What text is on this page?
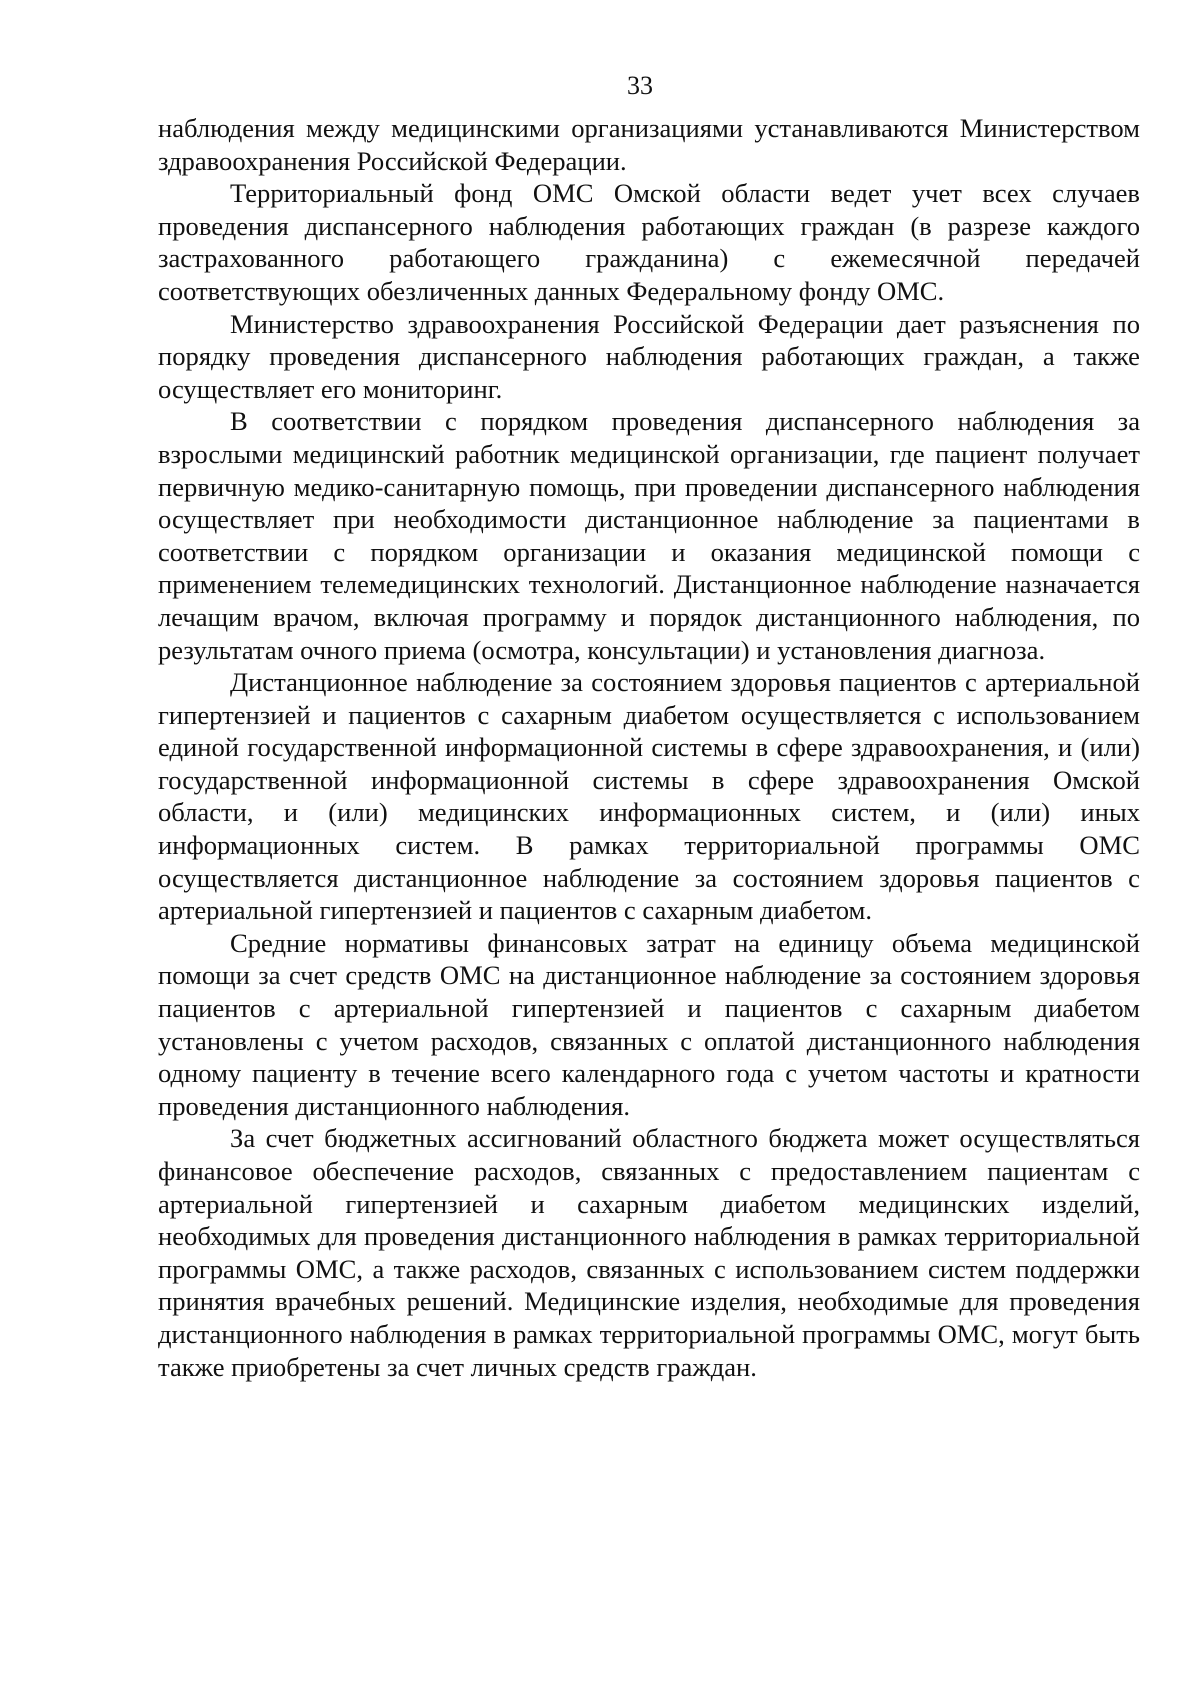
33

наблюдения между медицинскими организациями устанавливаются Министерством здравоохранения Российской Федерации.

Территориальный фонд ОМС Омской области ведет учет всех случаев проведения диспансерного наблюдения работающих граждан (в разрезе каждого застрахованного работающего гражданина) с ежемесячной передачей соответствующих обезличенных данных Федеральному фонду ОМС.

Министерство здравоохранения Российской Федерации дает разъяснения по порядку проведения диспансерного наблюдения работающих граждан, а также осуществляет его мониторинг.

В соответствии с порядком проведения диспансерного наблюдения за взрослыми медицинский работник медицинской организации, где пациент получает первичную медико-санитарную помощь, при проведении диспансерного наблюдения осуществляет при необходимости дистанционное наблюдение за пациентами в соответствии с порядком организации и оказания медицинской помощи с применением телемедицинских технологий. Дистанционное наблюдение назначается лечащим врачом, включая программу и порядок дистанционного наблюдения, по результатам очного приема (осмотра, консультации) и установления диагноза.

Дистанционное наблюдение за состоянием здоровья пациентов с артериальной гипертензией и пациентов с сахарным диабетом осуществляется с использованием единой государственной информационной системы в сфере здравоохранения, и (или) государственной информационной системы в сфере здравоохранения Омской области, и (или) медицинских информационных систем, и (или) иных информационных систем. В рамках территориальной программы ОМС осуществляется дистанционное наблюдение за состоянием здоровья пациентов с артериальной гипертензией и пациентов с сахарным диабетом.

Средние нормативы финансовых затрат на единицу объема медицинской помощи за счет средств ОМС на дистанционное наблюдение за состоянием здоровья пациентов с артериальной гипертензией и пациентов с сахарным диабетом установлены с учетом расходов, связанных с оплатой дистанционного наблюдения одному пациенту в течение всего календарного года с учетом частоты и кратности проведения дистанционного наблюдения.

За счет бюджетных ассигнований областного бюджета может осуществляться финансовое обеспечение расходов, связанных с предоставлением пациентам с артериальной гипертензией и сахарным диабетом медицинских изделий, необходимых для проведения дистанционного наблюдения в рамках территориальной программы ОМС, а также расходов, связанных с использованием систем поддержки принятия врачебных решений. Медицинские изделия, необходимые для проведения дистанционного наблюдения в рамках территориальной программы ОМС, могут быть также приобретены за счет личных средств граждан.
